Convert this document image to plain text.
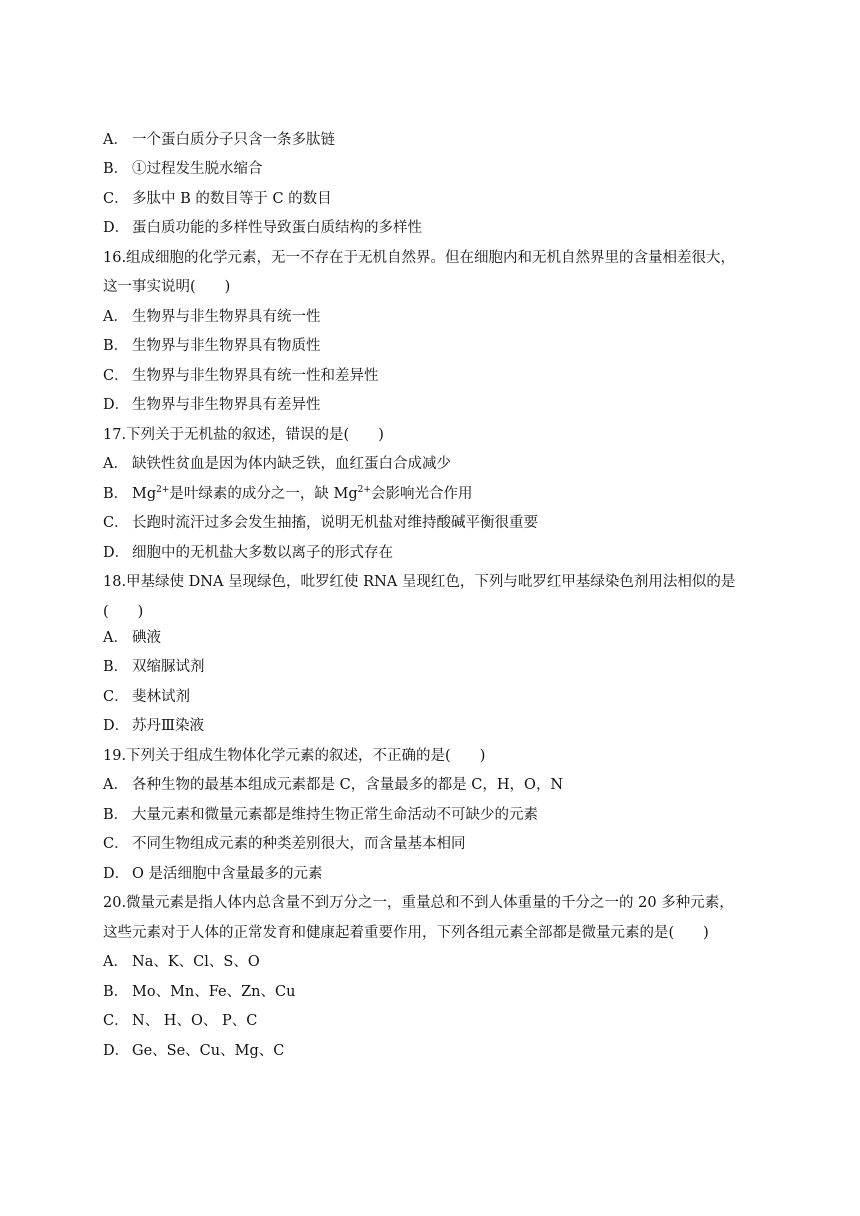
A． 一个蛋白质分子只含一条多肽链
B． ①过程发生脱水缩合
C． 多肽中 B 的数目等于 C 的数目
D． 蛋白质功能的多样性导致蛋白质结构的多样性
16.组成细胞的化学元素，无一不存在于无机自然界。但在细胞内和无机自然界里的含量相差很大，
这一事实说明(　　)
A． 生物界与非生物界具有统一性
B． 生物界与非生物界具有物质性
C． 生物界与非生物界具有统一性和差异性
D． 生物界与非生物界具有差异性
17.下列关于无机盐的叙述，错误的是(　　)
A． 缺铁性贫血是因为体内缺乏铁，血红蛋白合成减少
B． $Mg^{2+}$是叶绿素的成分之一，缺 $Mg^{2+}$会影响光合作用
C． 长跑时流汗过多会发生抽搐，说明无机盐对维持酸碱平衡很重要
D． 细胞中的无机盐大多数以离子的形式存在
18.甲基绿使 DNA 呈现绿色，吡罗红使 RNA 呈现红色，下列与吡罗红甲基绿染色剂用法相似的是
(　　)
A． 碘液
B． 双缩脲试剂
C． 斐林试剂
D． 苏丹Ⅲ染液
19.下列关于组成生物体化学元素的叙述，不正确的是(　　)
A． 各种生物的最基本组成元素都是 C，含量最多的都是 C，H，O，N
B． 大量元素和微量元素都是维持生物正常生命活动不可缺少的元素
C． 不同生物组成元素的种类差别很大，而含量基本相同
D． O 是活细胞中含量最多的元素
20.微量元素是指人体内总含量不到万分之一，重量总和不到人体重量的千分之一的 20 多种元素，
这些元素对于人体的正常发育和健康起着重要作用，下列各组元素全部都是微量元素的是(　　)
A． Na、K、Cl、S、O
B． Mo、Mn、Fe、Zn、Cu
C． N、 H、O、 P、C
D． Ge、Se、Cu、Mg、C
